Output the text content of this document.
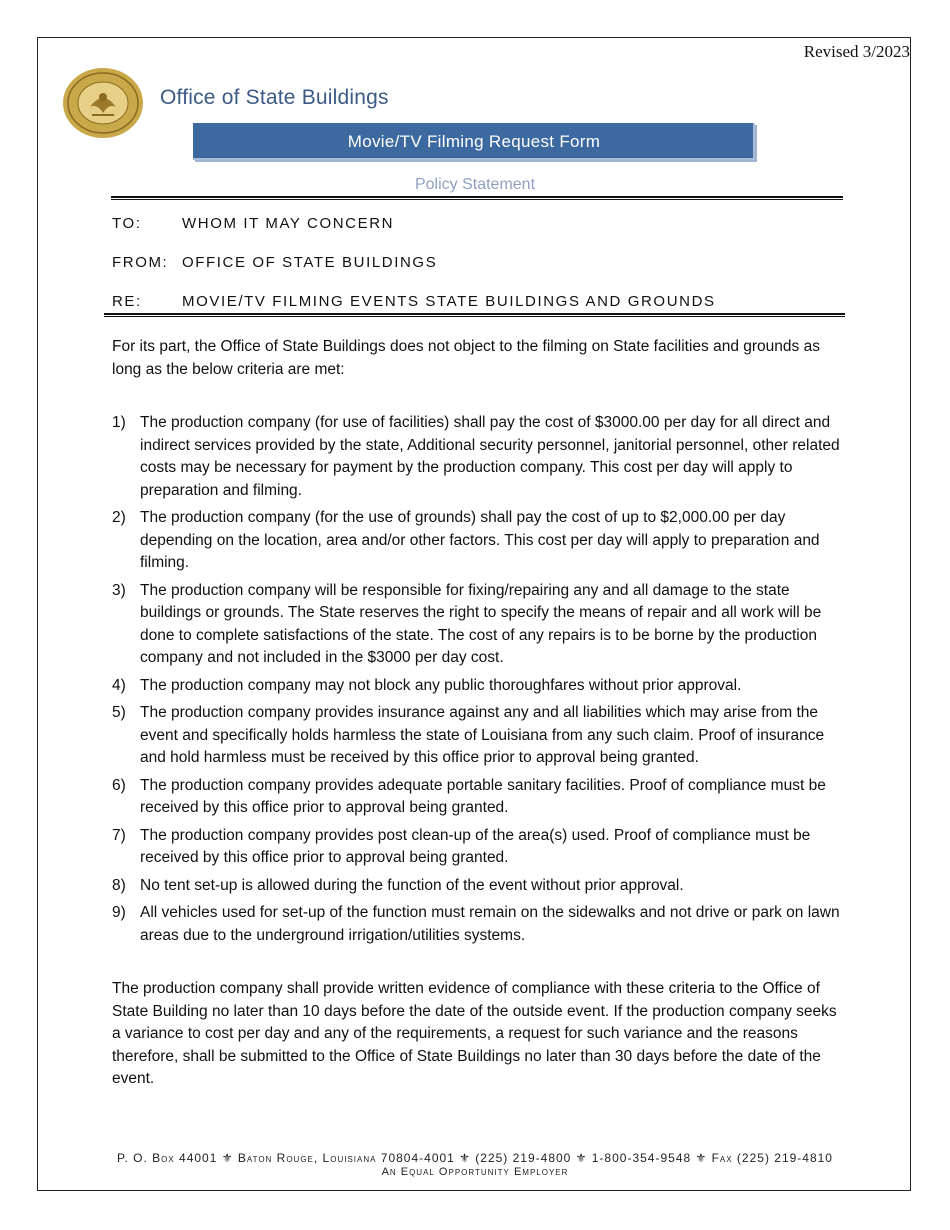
Revised 3/2023
Office of State Buildings
Movie/TV Filming Request Form
Policy Statement
TO:	WHOM IT MAY CONCERN
FROM: OFFICE OF STATE BUILDINGS
RE:	MOVIE/TV FILMING EVENTS STATE BUILDINGS AND GROUNDS
For its part, the Office of State Buildings does not object to the filming on State facilities and grounds as long as the below criteria are met:
1) The production company (for use of facilities) shall pay the cost of $3000.00 per day for all direct and indirect services provided by the state, Additional security personnel, janitorial personnel, other related costs may be necessary for payment by the production company. This cost per day will apply to preparation and filming.
2) The production company (for the use of grounds) shall pay the cost of up to $2,000.00 per day depending on the location, area and/or other factors. This cost per day will apply to preparation and filming.
3) The production company will be responsible for fixing/repairing any and all damage to the state buildings or grounds. The State reserves the right to specify the means of repair and all work will be done to complete satisfactions of the state. The cost of any repairs is to be borne by the production company and not included in the $3000 per day cost.
4) The production company may not block any public thoroughfares without prior approval.
5) The production company provides insurance against any and all liabilities which may arise from the event and specifically holds harmless the state of Louisiana from any such claim. Proof of insurance and hold harmless must be received by this office prior to approval being granted.
6) The production company provides adequate portable sanitary facilities. Proof of compliance must be received by this office prior to approval being granted.
7) The production company provides post clean-up of the area(s) used. Proof of compliance must be received by this office prior to approval being granted.
8) No tent set-up is allowed during the function of the event without prior approval.
9) All vehicles used for set-up of the function must remain on the sidewalks and not drive or park on lawn areas due to the underground irrigation/utilities systems.
The production company shall provide written evidence of compliance with these criteria to the Office of State Building no later than 10 days before the date of the outside event. If the production company seeks a variance to cost per day and any of the requirements, a request for such variance and the reasons therefore, shall be submitted to the Office of State Buildings no later than 30 days before the date of the event.
P. O. Box 44001 ⚜ Baton Rouge, Louisiana 70804-4001 ⚜ (225) 219-4800 ⚜ 1-800-354-9548 ⚜ Fax (225) 219-4810
An Equal Opportunity Employer
